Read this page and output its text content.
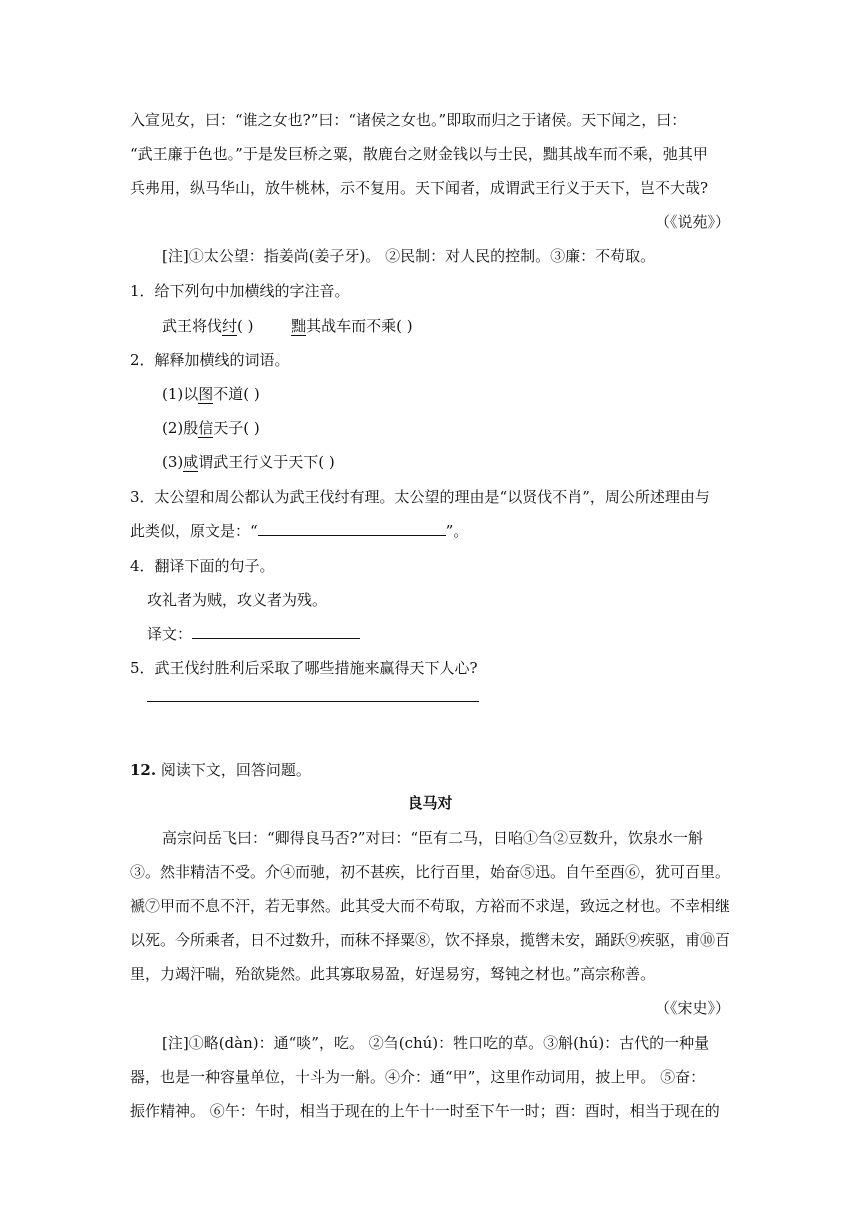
入宣见女，曰：“谁之女也?”曰：“诸侯之女也。”即取而归之于诸侯。天下闻之，曰：
“武王廉于色也。”于是发巨桥之粟，散鹿台之财金钱以与士民，黜其战车而不乘，弛其甲
兵弗用，纵马华山，放牛桃林，示不复用。天下闻者，成谓武王行义于天下，岂不大哉?
（《说苑》）
[注]①太公望：指姜尚(姜子牙)。 ②民制：对人民的控制。③廉：不苟取。
1．给下列句中加横线的字注音。
武王将伐纣( )	黜其战车而不乘( )
2．解释加横线的词语。
(1)以图不道( )
(2)殷信天子( )
(3)咸谓武王行义于天下( )
3．太公望和周公都认为武王伐纣有理。太公望的理由是“以贤伐不肖”，周公所述理由与
此类似，原文是：“	”。
4．翻译下面的句子。
攻礼者为贼，攻义者为残。
译文：
5．武王伐纣胜利后采取了哪些措施来赢得天下人心?
12. 阅读下文，回答问题。
良马对
高宗问岳飞曰：“卿得良马否?”对曰：“臣有二马，日啗①刍②豆数升，饮泉水一斛
③。然非精洁不受。介④而驰，初不甚疾，比行百里，始奋⑤迅。自午至酉⑥，犹可百里。
褫⑦甲而不息不汗，若无事然。此其受大而不苟取，方裕而不求逞，致远之材也。不幸相继
以死。今所乘者，日不过数升，而秣不择粟⑧，饮不择泉，揽辔未安，踊跃⑨疾驱，甫⑩百
里，力竭汗喘，殆欲毙然。此其寡取易盈，好逞易穷，驽钝之材也。”高宗称善。
（《宋史》）
[注]①略(dàn)：通“啖”，吃。 ②刍(chú)：牲口吃的草。③斛(hú)：古代的一种量
器，也是一种容量单位，十斗为一斛。④介：通“甲”，这里作动词用，披上甲。 ⑤奋：
振作精神。 ⑥午：午时，相当于现在的上午十一时至下午一时；酉：酉时，相当于现在的
